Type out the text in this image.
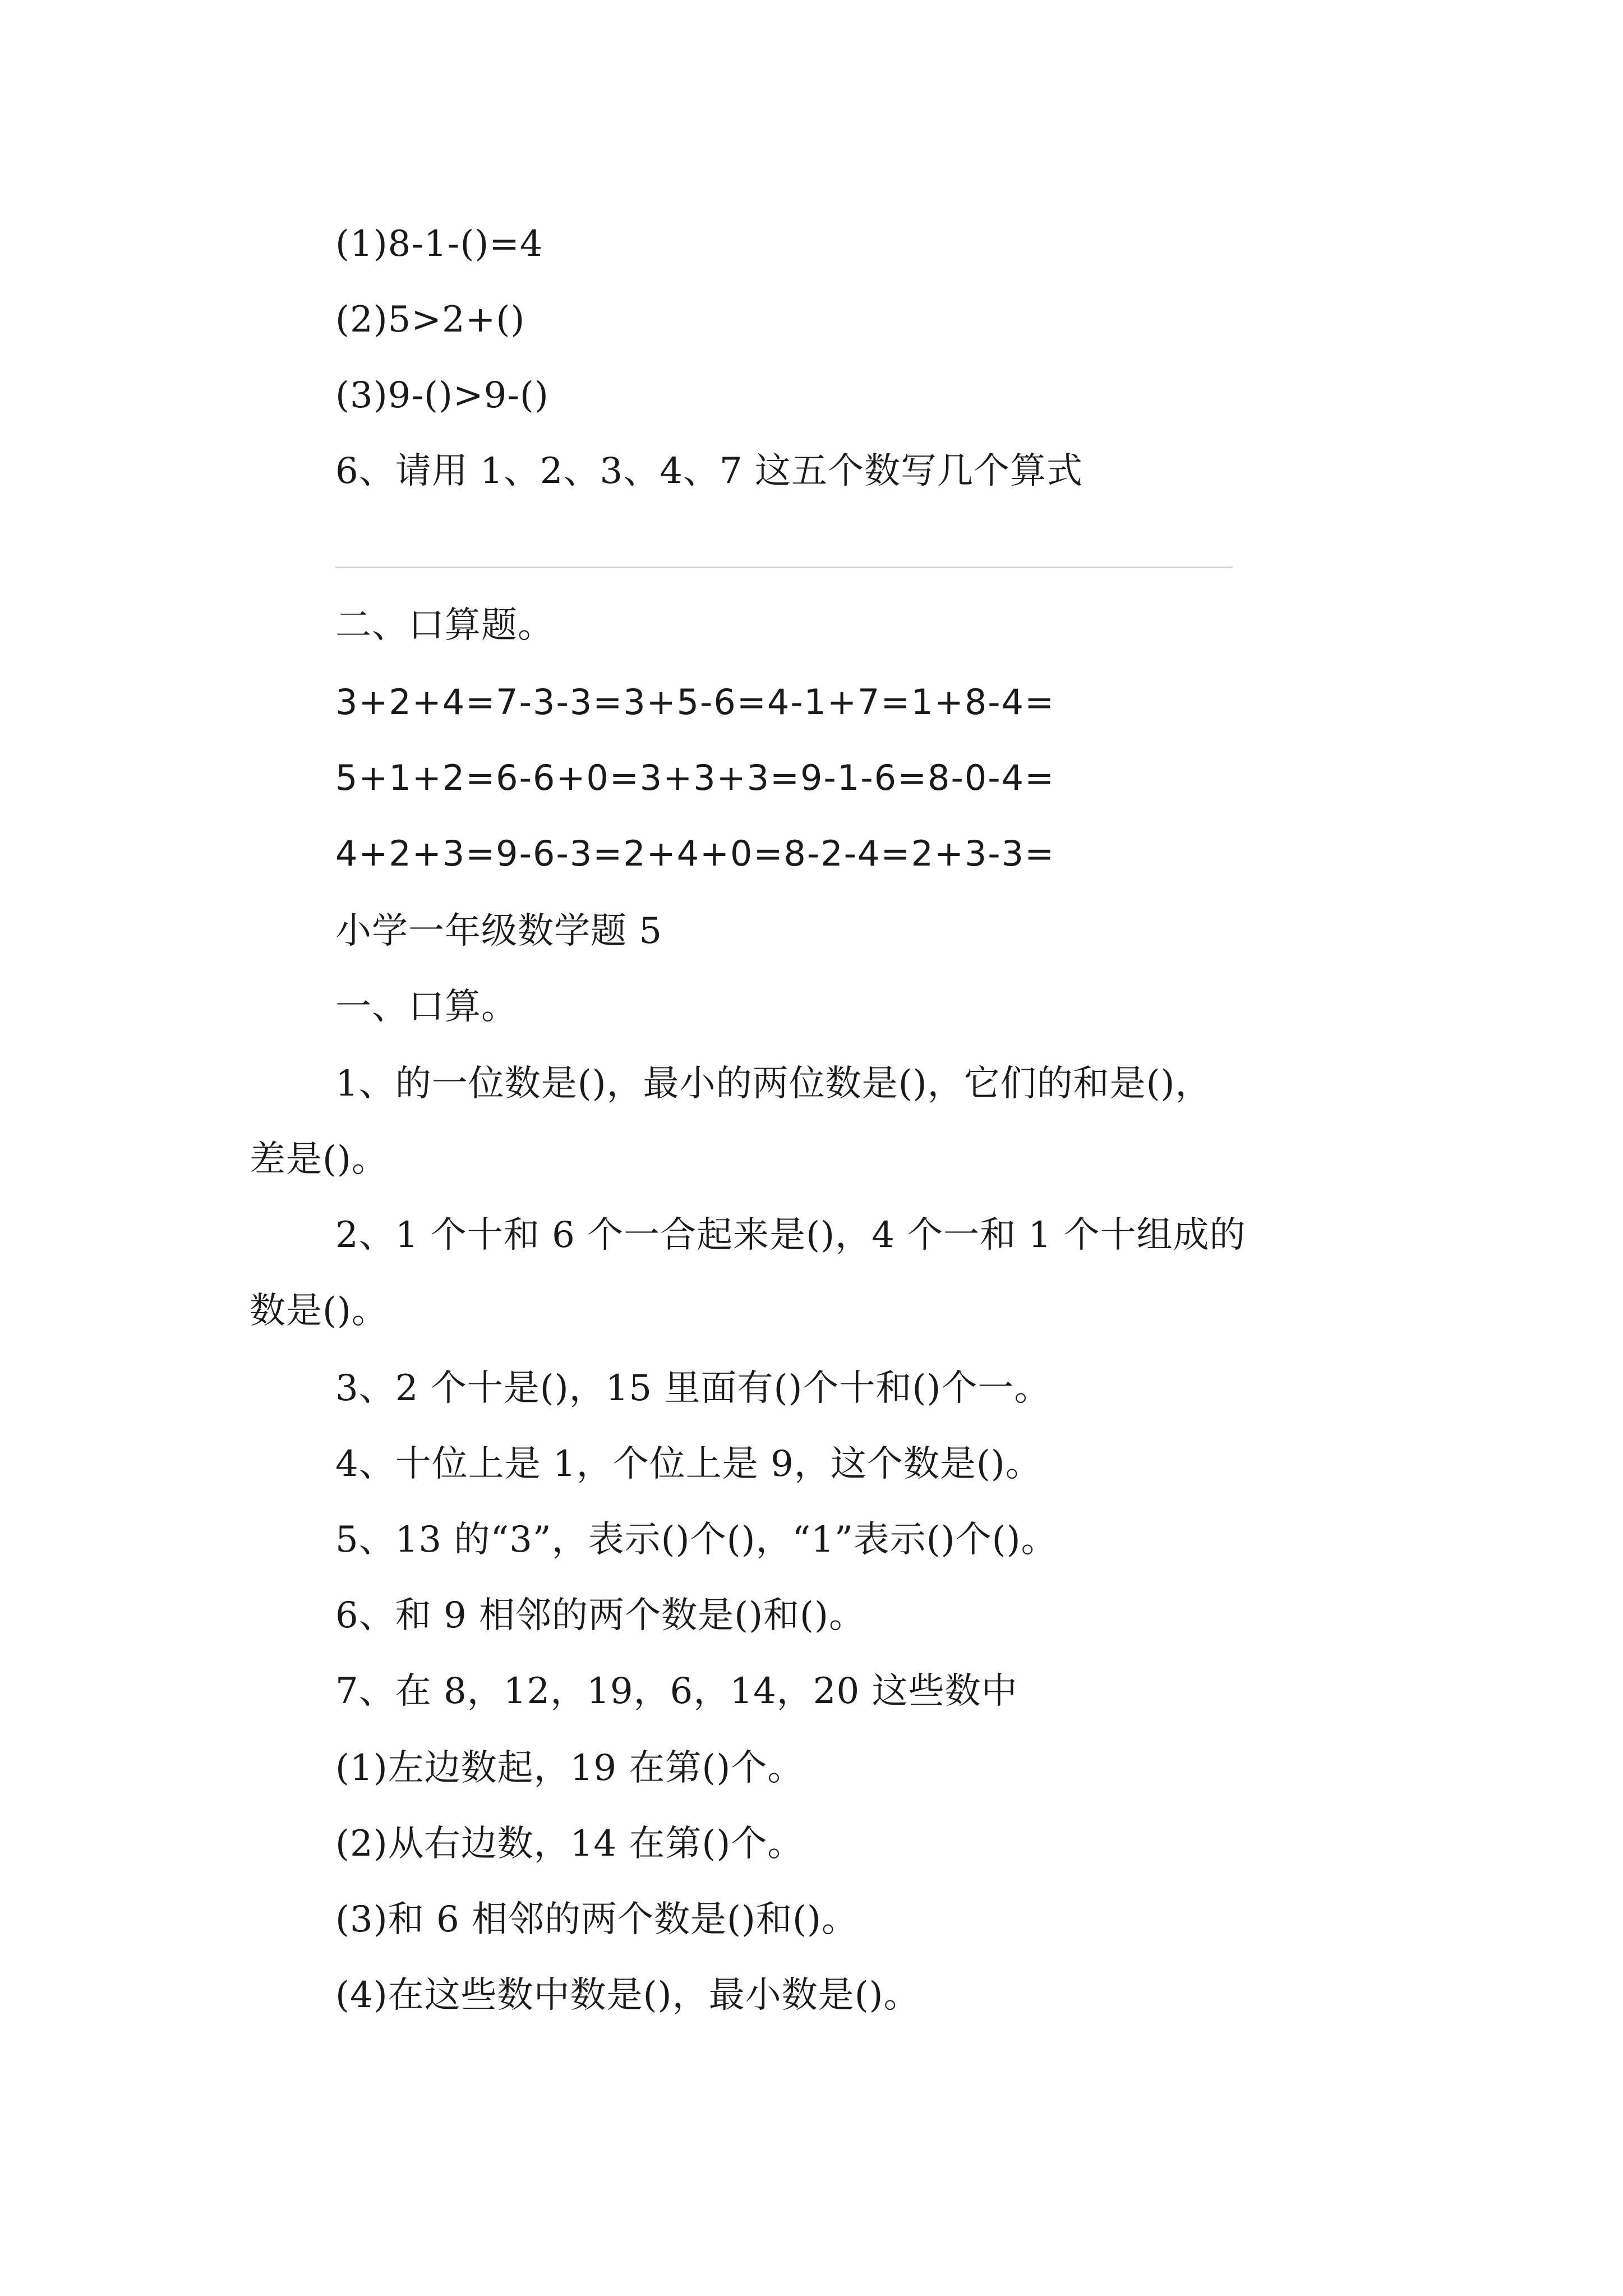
(1)8-1-()=4
(2)5>2+()
(3)9-()>9-()
6、请用 1、2、3、4、7 这五个数写几个算式
二、口算题。
3+2+4=7-3-3=3+5-6=4-1+7=1+8-4=
5+1+2=6-6+0=3+3+3=9-1-6=8-0-4=
4+2+3=9-6-3=2+4+0=8-2-4=2+3-3=
小学一年级数学题 5
一、口算。
1、的一位数是()，最小的两位数是()，它们的和是()，
差是()。
2、1 个十和 6 个一合起来是()，4 个一和 1 个十组成的
数是()。
3、2 个十是()，15 里面有()个十和()个一。
4、十位上是 1，个位上是 9，这个数是()。
5、13 的“3”，表示()个()，“1”表示()个()。
6、和 9 相邻的两个数是()和()。
7、在 8，12，19，6，14，20 这些数中
(1)左边数起，19 在第()个。
(2)从右边数，14 在第()个。
(3)和 6 相邻的两个数是()和()。
(4)在这些数中数是()，最小数是()。
